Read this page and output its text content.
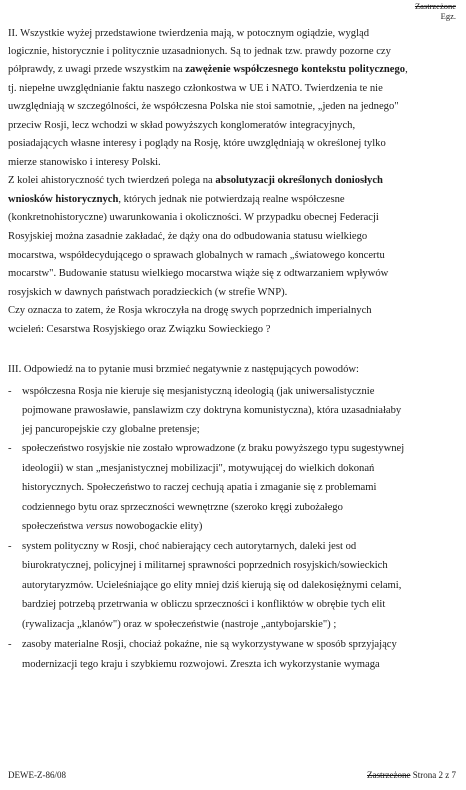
Zastrzeżone
Egz.
II. Wszystkie wyżej przedstawione twierdzenia mają, w potocznym ogiądzie, wygląd
logicznie, historycznie i politycznie uzasadnionych. Są to jednak tzw. prawdy pozorne czy
półprawdy, z uwagi przede wszystkim na zawężenie współczesnego kontekstu politycznego,
tj. niepełne uwzględnianie faktu naszego członkostwa w UE i NATO. Twierdzenia te nie
uwzględniają w szczególności, że współczesna Polska nie stoi samotnie, „jeden na jednego"
przeciw Rosji, lecz wchodzi w skład powyższych konglomeratów integracyjnych,
posiadających własne interesy i poglądy na Rosję, które uwzględniają w określonej tylko
mierze stanowisko i interesy Polski.
Z kolei ahistoryczność tych twierdzeń polega na absolutyzacji określonych doniosłych
wniosków historycznych, których jednak nie potwierdzają realne współczesne
(konkretnohistoryczne) uwarunkowania i okoliczności. W przypadku obecnej Federacji
Rosyjskiej można zasadnie zakładać, że dąży ona do odbudowania statusu wielkiego
mocarstwa, współdecydującego o sprawach globalnych w ramach „światowego koncertu
mocarstw". Budowanie statusu wielkiego mocarstwa wiąże się z odtwarzaniem wpływów
rosyjskich w dawnych państwach poradzieckich (w strefie WNP).
Czy oznacza to zatem, że Rosja wkroczyła na drogę swych poprzednich imperialnych
wcieleń: Cesarstwa Rosyjskiego oraz Związku Sowieckiego ?
III. Odpowiedź na to pytanie musi brzmieć negatywnie z następujących powodów:
- współczesna Rosja nie kieruje się mesjanistyczną ideologią (jak uniwersalistycznie
pojmowane prawosławie, panslawizm czy doktryna komunistyczna), która uzasadniałaby
jej pancuropejskie czy globalne pretensje;
- społeczeństwo rosyjskie nie zostało wprowadzone (z braku powyższego typu sugestywnej
ideologii) w stan „mesjanistycznej mobilizacji", motywującej do wielkich dokonań
historycznych. Społeczeństwo to raczej cechują apatia i zmaganie się z problemami
codziennego bytu oraz sprzeczności wewnętrzne (szeroko kręgi zubożałego
społeczeństwa versus nowobogackie elity)
- system polityczny w Rosji, choć nabierający cech autorytarnych, daleki jest od
biurokratycznej, policyjnej i militarnej sprawności poprzednich rosyjskich/sowieckich
autorytaryzmów. Ucieleśniające go elity mniej dziś kierują się od dalekosiężnymi celami,
bardziej potrzebą przetrwania w obliczu sprzeczności i konfliktów w obrębie tych elit
(rywalizacja „klanów") oraz w społeczeństwie (nastroje „antybojarskie") ;
- zasoby materialne Rosji, chociaż pokaźne, nie są wykorzystywane w sposób sprzyjający
modernizacji tego kraju i szybkiemu rozwojowi. Zreszta ich wykorzystanie wymaga
DEWE-Z-86/08	Zastrzeżone Strona 2 z 7
